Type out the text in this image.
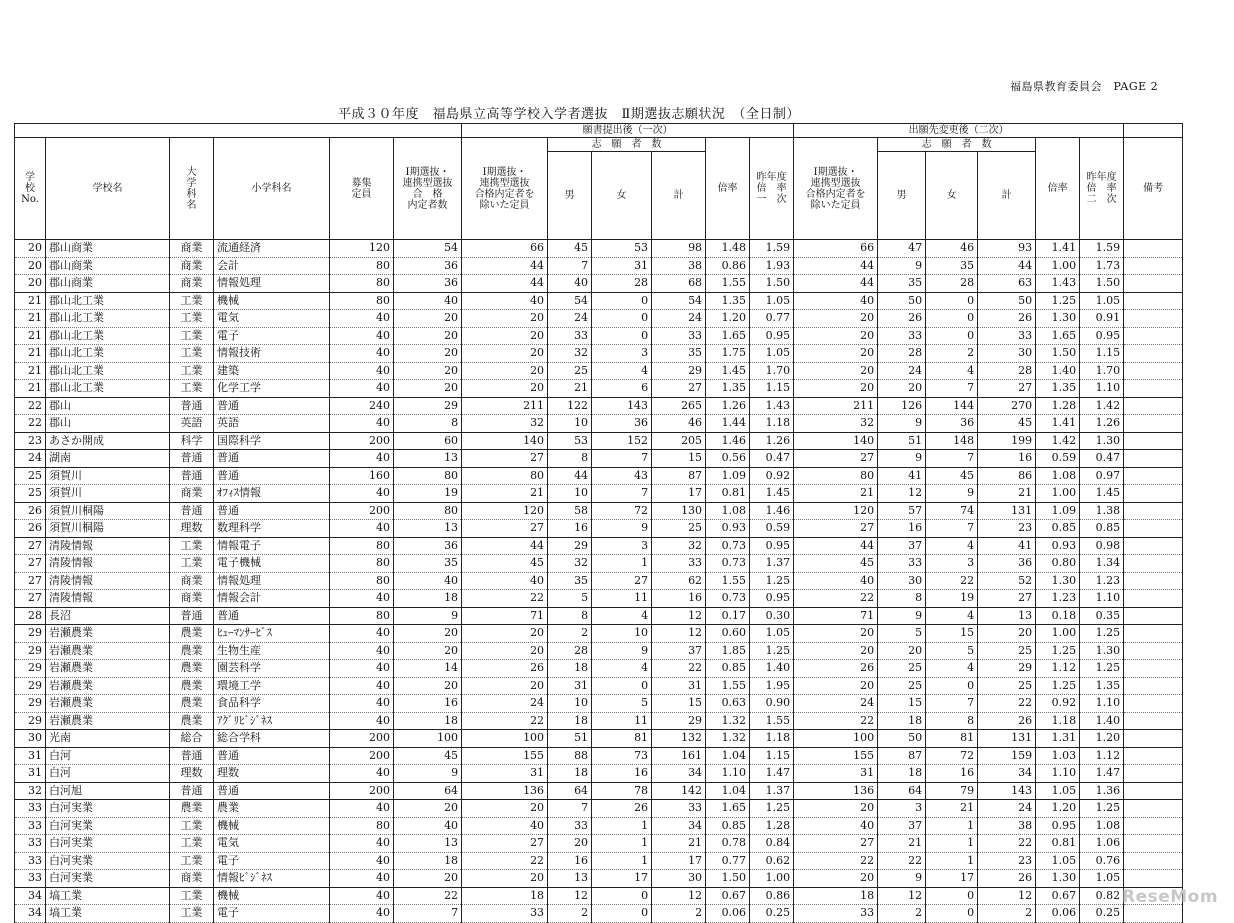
福島県教育委員会　PAGE 2
平成３０年度　福島県立高等学校入学者選抜　Ⅱ期選抜志願状況　（全日制）
						願書提出後（一次）						出願先変更後（二次）						
学
校
No.	学校名	大
学
科
名	小学科名	募集
定員	Ⅰ期選抜・
連携型選抜
合　格
内定者数	Ⅰ期選抜・
連携型選抜
合格内定者を
除いた定員	志　願　者　数			倍率	昨年度
倍　率
一　次	Ⅰ期選抜・
連携型選抜
合格内定者を
除いた定員	志　願　者　数			倍率	昨年度
倍　率
二　次	備考
							男	女	計				男	女	計			
20	郡山商業	商業	流通経済	120	54	66	45	53	98	1.48	1.59	66	47	46	93	1.41	1.59	
20	郡山商業	商業	会計	80	36	44	7	31	38	0.86	1.93	44	9	35	44	1.00	1.73	
20	郡山商業	商業	情報処理	80	36	44	40	28	68	1.55	1.50	44	35	28	63	1.43	1.50	
21	郡山北工業	工業	機械	80	40	40	54	0	54	1.35	1.05	40	50	0	50	1.25	1.05	
21	郡山北工業	工業	電気	40	20	20	24	0	24	1.20	0.77	20	26	0	26	1.30	0.91	
21	郡山北工業	工業	電子	40	20	20	33	0	33	1.65	0.95	20	33	0	33	1.65	0.95	
21	郡山北工業	工業	情報技術	40	20	20	32	3	35	1.75	1.05	20	28	2	30	1.50	1.15	
21	郡山北工業	工業	建築	40	20	20	25	4	29	1.45	1.70	20	24	4	28	1.40	1.70	
21	郡山北工業	工業	化学工学	40	20	20	21	6	27	1.35	1.15	20	20	7	27	1.35	1.10	
22	郡山	普通	普通	240	29	211	122	143	265	1.26	1.43	211	126	144	270	1.28	1.42	
22	郡山	英語	英語	40	8	32	10	36	46	1.44	1.18	32	9	36	45	1.41	1.26	
23	あさか開成	科学	国際科学	200	60	140	53	152	205	1.46	1.26	140	51	148	199	1.42	1.30	
24	湖南	普通	普通	40	13	27	8	7	15	0.56	0.47	27	9	7	16	0.59	0.47	
25	須賀川	普通	普通	160	80	80	44	43	87	1.09	0.92	80	41	45	86	1.08	0.97	
25	須賀川	商業	ｵﾌｨｽ情報	40	19	21	10	7	17	0.81	1.45	21	12	9	21	1.00	1.45	
26	須賀川桐陽	普通	普通	200	80	120	58	72	130	1.08	1.46	120	57	74	131	1.09	1.38	
26	須賀川桐陽	理数	数理科学	40	13	27	16	9	25	0.93	0.59	27	16	7	23	0.85	0.85	
27	清陵情報	工業	情報電子	80	36	44	29	3	32	0.73	0.95	44	37	4	41	0.93	0.98	
27	清陵情報	工業	電子機械	80	35	45	32	1	33	0.73	1.37	45	33	3	36	0.80	1.34	
27	清陵情報	商業	情報処理	80	40	40	35	27	62	1.55	1.25	40	30	22	52	1.30	1.23	
27	清陵情報	商業	情報会計	40	18	22	5	11	16	0.73	0.95	22	8	19	27	1.23	1.10	
28	長沼	普通	普通	80	9	71	8	4	12	0.17	0.30	71	9	4	13	0.18	0.35	
29	岩瀬農業	農業	ﾋｭｰﾏﾝｻｰﾋﾞｽ	40	20	20	2	10	12	0.60	1.05	20	5	15	20	1.00	1.25	
29	岩瀬農業	農業	生物生産	40	20	20	28	9	37	1.85	1.25	20	20	5	25	1.25	1.30	
29	岩瀬農業	農業	園芸科学	40	14	26	18	4	22	0.85	1.40	26	25	4	29	1.12	1.25	
29	岩瀬農業	農業	環境工学	40	20	20	31	0	31	1.55	1.95	20	25	0	25	1.25	1.35	
29	岩瀬農業	農業	食品科学	40	16	24	10	5	15	0.63	0.90	24	15	7	22	0.92	1.10	
29	岩瀬農業	農業	ｱｸﾞﾘﾋﾞｼﾞﾈｽ	40	18	22	18	11	29	1.32	1.55	22	18	8	26	1.18	1.40	
30	光南	総合	総合学科	200	100	100	51	81	132	1.32	1.18	100	50	81	131	1.31	1.20	
31	白河	普通	普通	200	45	155	88	73	161	1.04	1.15	155	87	72	159	1.03	1.12	
31	白河	理数	理数	40	9	31	18	16	34	1.10	1.47	31	18	16	34	1.10	1.47	
32	白河旭	普通	普通	200	64	136	64	78	142	1.04	1.37	136	64	79	143	1.05	1.36	
33	白河実業	農業	農業	40	20	20	7	26	33	1.65	1.25	20	3	21	24	1.20	1.25	
33	白河実業	工業	機械	80	40	40	33	1	34	0.85	1.28	40	37	1	38	0.95	1.08	
33	白河実業	工業	電気	40	13	27	20	1	21	0.78	0.84	27	21	1	22	0.81	1.06	
33	白河実業	工業	電子	40	18	22	16	1	17	0.77	0.62	22	22	1	23	1.05	0.76	
33	白河実業	商業	情報ﾋﾞｼﾞﾈｽ	40	20	20	13	17	30	1.50	1.00	20	9	17	26	1.30	1.05	
34	塙工業	工業	機械	40	22	18	12	0	12	0.67	0.86	18	12	0	12	0.67	0.82	
34	塙工業	工業	電子	40	7	33	2	0	2	0.06	0.25	33	2	0	2	0.06	0.25	
ReseMom
